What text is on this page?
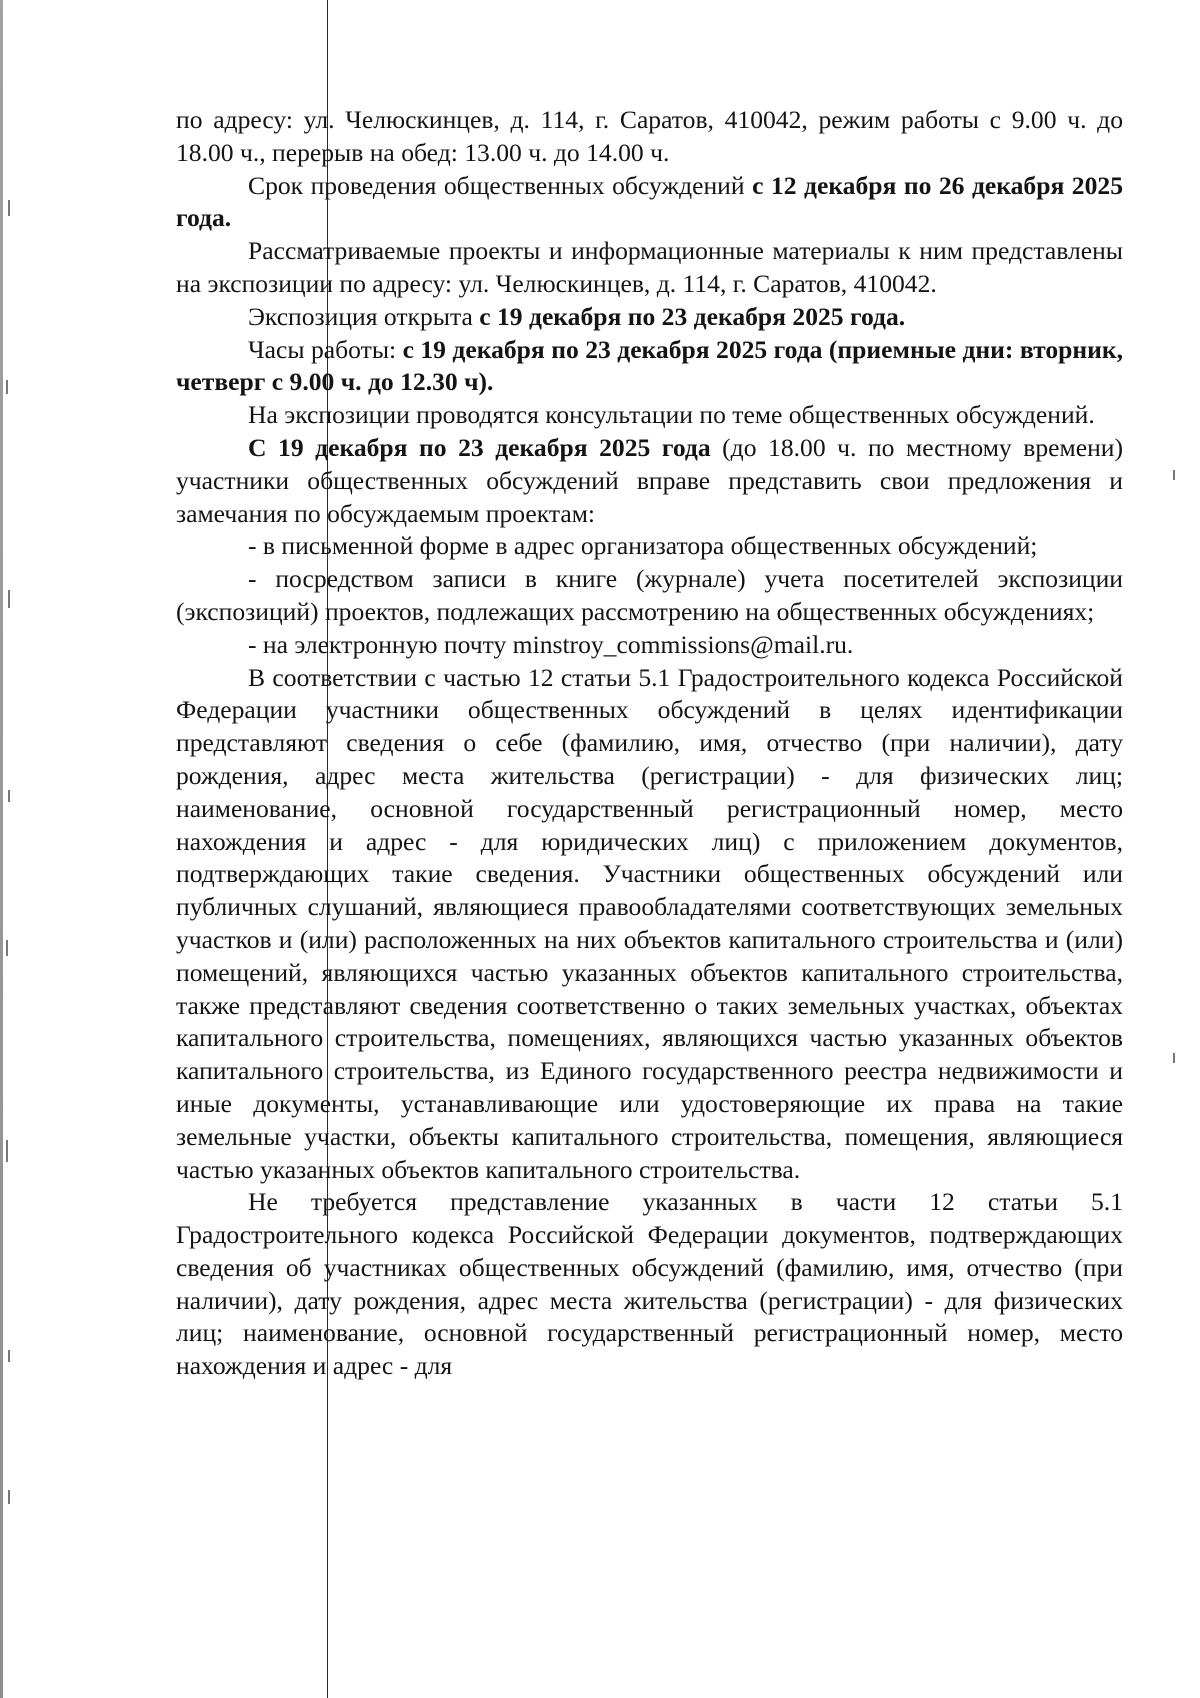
по адресу: ул. Челюскинцев, д. 114, г. Саратов, 410042, режим работы с 9.00 ч. до 18.00 ч., перерыв на обед: 13.00 ч. до 14.00 ч.

Срок проведения общественных обсуждений с 12 декабря по 26 декабря 2025 года.

Рассматриваемые проекты и информационные материалы к ним представлены на экспозиции по адресу: ул. Челюскинцев, д. 114, г. Саратов, 410042.

Экспозиция открыта с 19 декабря по 23 декабря 2025 года.

Часы работы: с 19 декабря по 23 декабря 2025 года (приемные дни: вторник, четверг с 9.00 ч. до 12.30 ч).

На экспозиции проводятся консультации по теме общественных обсуждений.

С 19 декабря по 23 декабря 2025 года (до 18.00 ч. по местному времени) участники общественных обсуждений вправе представить свои предложения и замечания по обсуждаемым проектам:

- в письменной форме в адрес организатора общественных обсуждений;

- посредством записи в книге (журнале) учета посетителей экспозиции (экспозиций) проектов, подлежащих рассмотрению на общественных обсуждениях;

- на электронную почту minstroy_commissions@mail.ru.

В соответствии с частью 12 статьи 5.1 Градостроительного кодекса Российской Федерации участники общественных обсуждений в целях идентификации представляют сведения о себе (фамилию, имя, отчество (при наличии), дату рождения, адрес места жительства (регистрации) - для физических лиц; наименование, основной государственный регистрационный номер, место нахождения и адрес - для юридических лиц) с приложением документов, подтверждающих такие сведения. Участники общественных обсуждений или публичных слушаний, являющиеся правообладателями соответствующих земельных участков и (или) расположенных на них объектов капитального строительства и (или) помещений, являющихся частью указанных объектов капитального строительства, также представляют сведения соответственно о таких земельных участках, объектах капитального строительства, помещениях, являющихся частью указанных объектов капитального строительства, из Единого государственного реестра недвижимости и иные документы, устанавливающие или удостоверяющие их права на такие земельные участки, объекты капитального строительства, помещения, являющиеся частью указанных объектов капитального строительства.

Не требуется представление указанных в части 12 статьи 5.1 Градостроительного кодекса Российской Федерации документов, подтверждающих сведения об участниках общественных обсуждений (фамилию, имя, отчество (при наличии), дату рождения, адрес места жительства (регистрации) - для физических лиц; наименование, основной государственный регистрационный номер, место нахождения и адрес - для
